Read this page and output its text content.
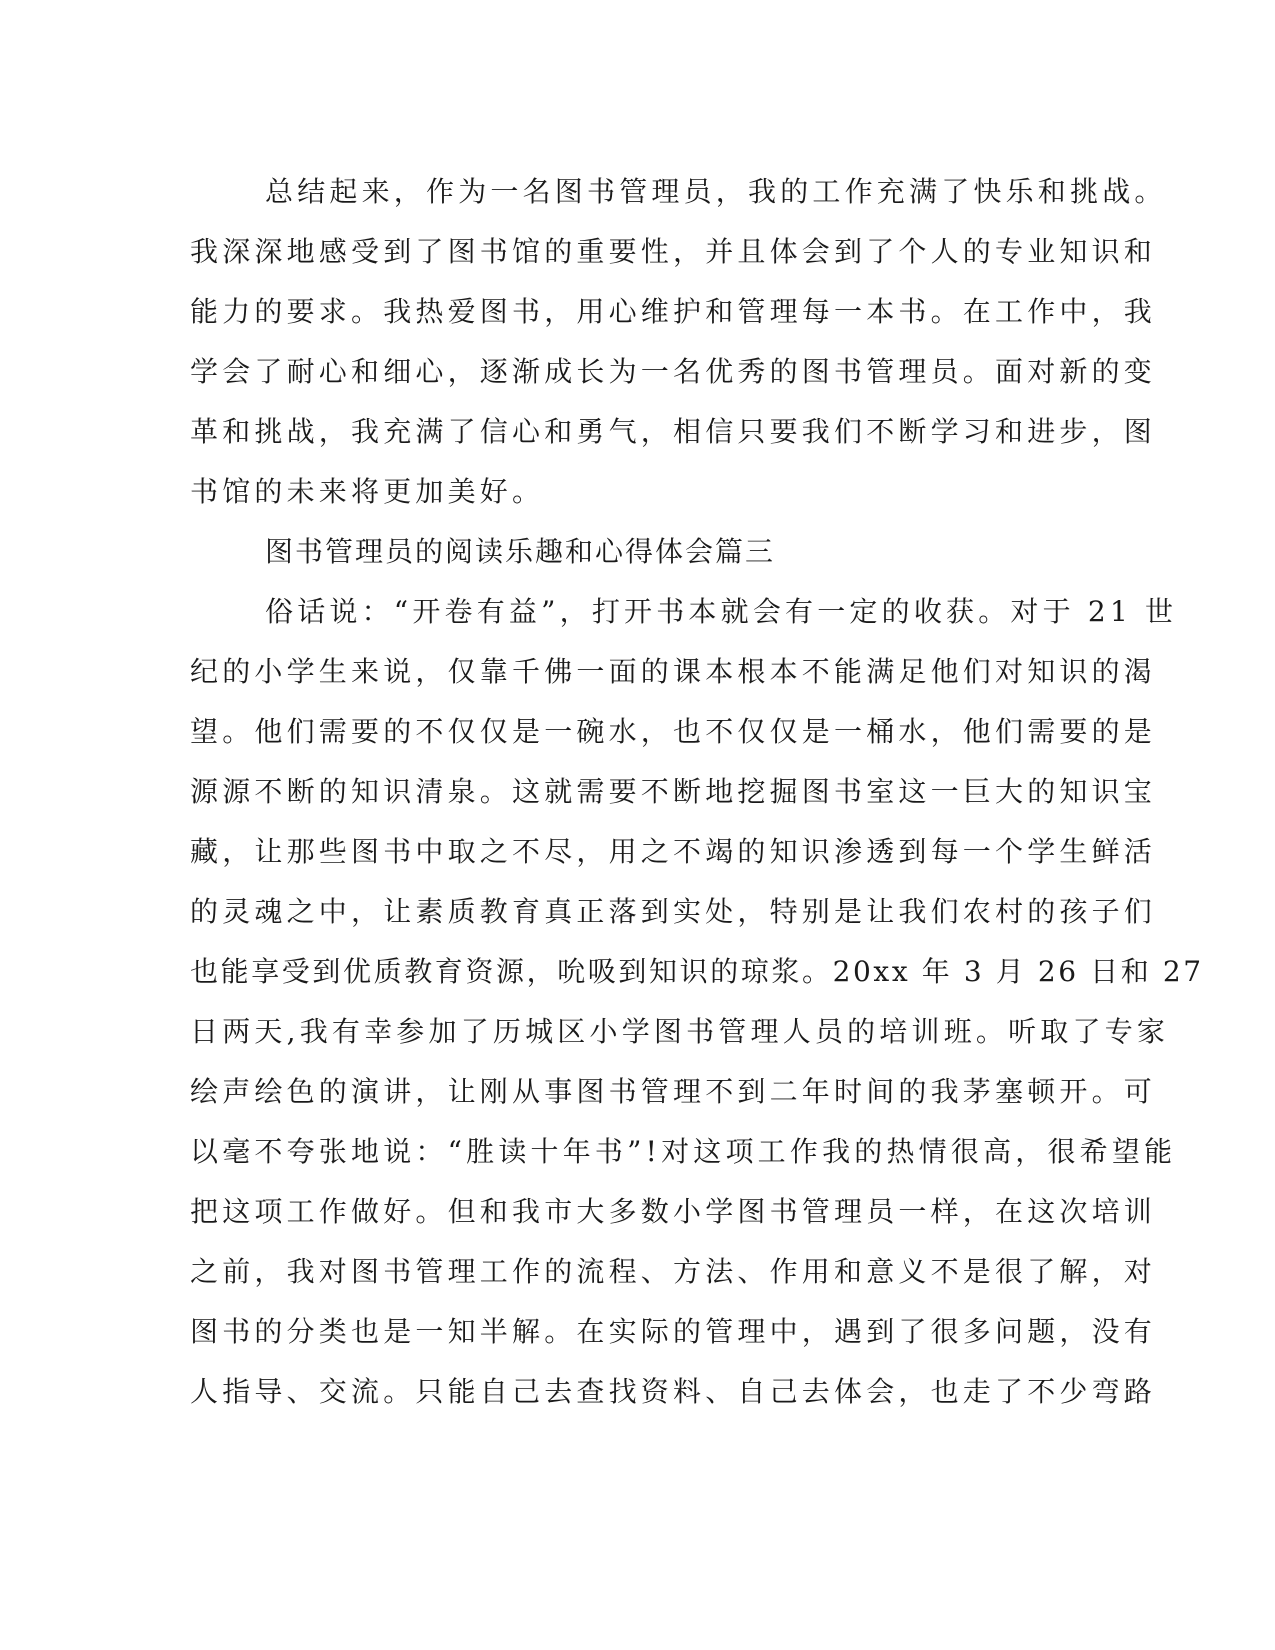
总结起来，作为一名图书管理员，我的工作充满了快乐和挑战。
我深深地感受到了图书馆的重要性，并且体会到了个人的专业知识和
能力的要求。我热爱图书，用心维护和管理每一本书。在工作中，我
学会了耐心和细心，逐渐成长为一名优秀的图书管理员。面对新的变
革和挑战，我充满了信心和勇气，相信只要我们不断学习和进步，图
书馆的未来将更加美好。
图书管理员的阅读乐趣和心得体会篇三
俗话说：“开卷有益”，打开书本就会有一定的收获。对于 21 世
纪的小学生来说，仅靠千佛一面的课本根本不能满足他们对知识的渴
望。他们需要的不仅仅是一碗水，也不仅仅是一桶水，他们需要的是
源源不断的知识清泉。这就需要不断地挖掘图书室这一巨大的知识宝
藏，让那些图书中取之不尽，用之不竭的知识渗透到每一个学生鲜活
的灵魂之中，让素质教育真正落到实处，特别是让我们农村的孩子们
也能享受到优质教育资源，吮吸到知识的琼浆。20xx 年 3 月 26 日和 27
日两天,我有幸参加了历城区小学图书管理人员的培训班。听取了专家
绘声绘色的演讲，让刚从事图书管理不到二年时间的我茅塞顿开。可
以毫不夸张地说：“胜读十年书”!对这项工作我的热情很高，很希望能
把这项工作做好。但和我市大多数小学图书管理员一样，在这次培训
之前，我对图书管理工作的流程、方法、作用和意义不是很了解，对
图书的分类也是一知半解。在实际的管理中，遇到了很多问题，没有
人指导、交流。只能自己去查找资料、自己去体会，也走了不少弯路
